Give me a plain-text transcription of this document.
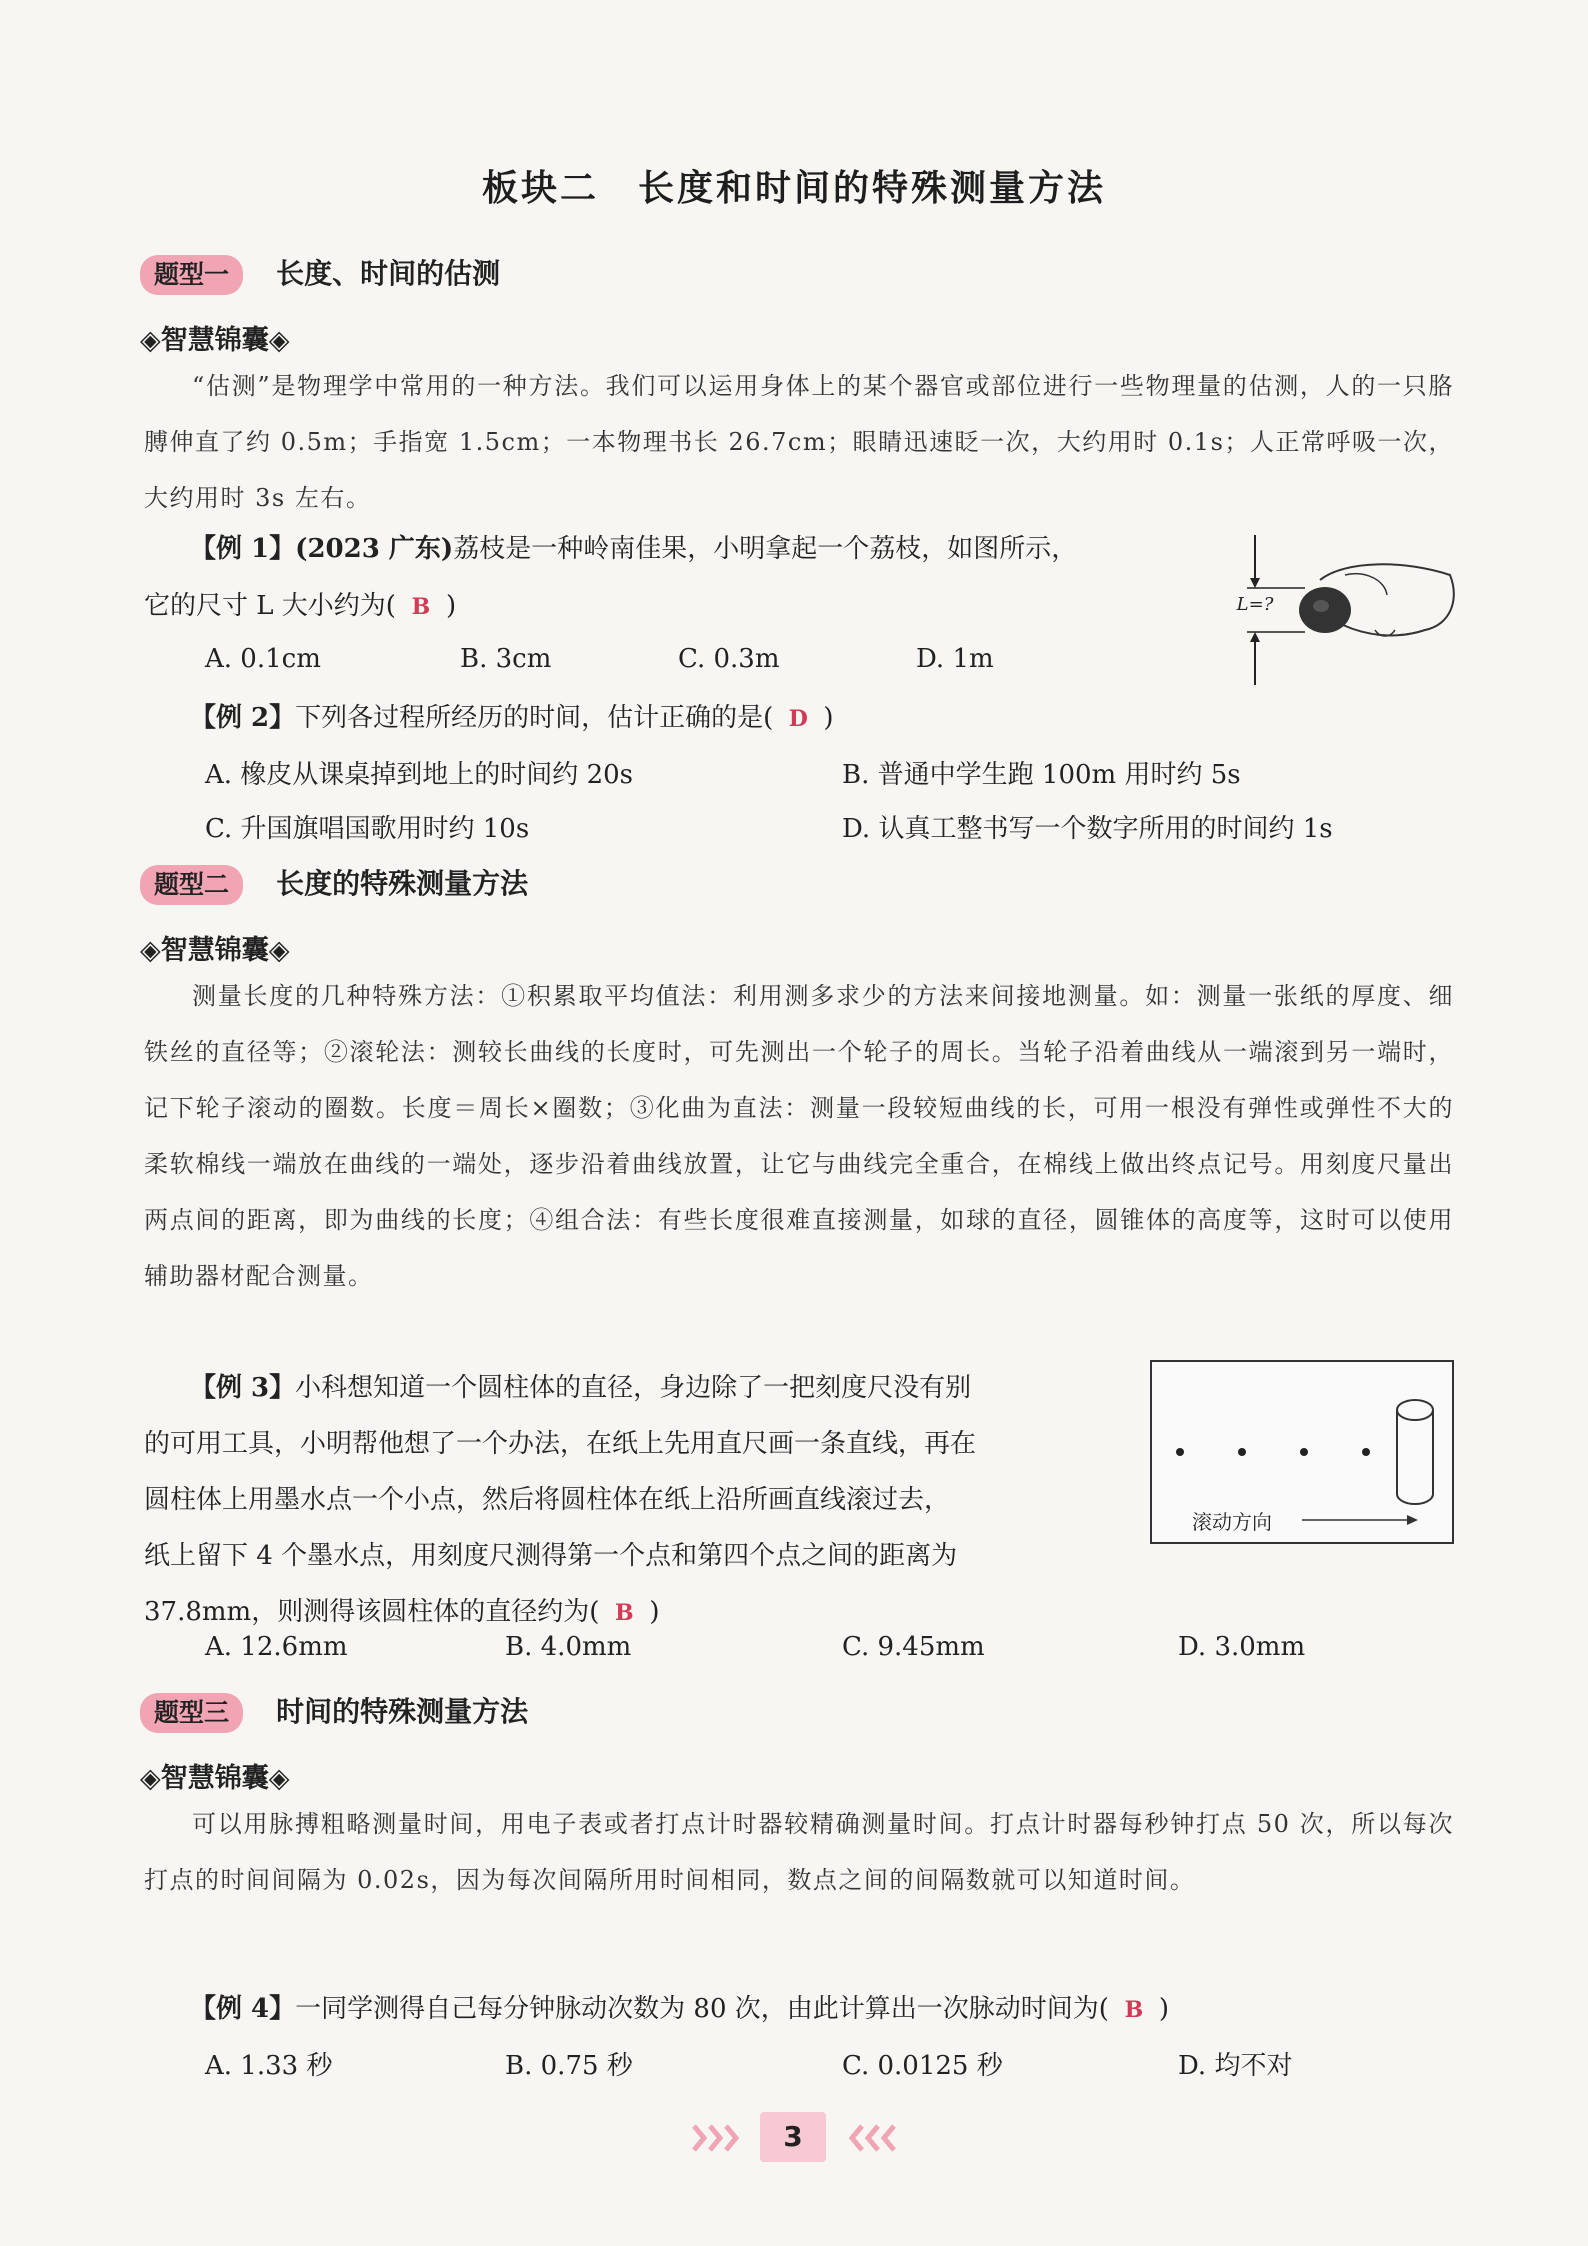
板块二　长度和时间的特殊测量方法
题型一 长度、时间的估测
◈智慧锦囊◈

“估测”是物理学中常用的一种方法。我们可以运用身体上的某个器官或部位进行一些物理量的估测，人的一只胳膊伸直了约 0.5m；手指宽 1.5cm；一本物理书长 26.7cm；眼睛迅速眨一次，大约用时 0.1s；人正常呼吸一次，大约用时 3s 左右。

【例 1】(2023 广东)荔枝是一种岭南佳果，小明拿起一个荔枝，如图所示，
它的尺寸 L 大小约为( B )
A. 0.1cm	B. 3cm	C. 0.3m	D. 1m
L=?
【例 2】下列各过程所经历的时间，估计正确的是( D )
A. 橡皮从课桌掉到地上的时间约 20s	B. 普通中学生跑 100m 用时约 5s
C. 升国旗唱国歌用时约 10s	D. 认真工整书写一个数字所用的时间约 1s
题型二 长度的特殊测量方法
◈智慧锦囊◈

测量长度的几种特殊方法：①积累取平均值法：利用测多求少的方法来间接地测量。如：测量一张纸的厚度、细铁丝的直径等；②滚轮法：测较长曲线的长度时，可先测出一个轮子的周长。当轮子沿着曲线从一端滚到另一端时，记下轮子滚动的圈数。长度＝周长×圈数；③化曲为直法：测量一段较短曲线的长，可用一根没有弹性或弹性不大的柔软棉线一端放在曲线的一端处，逐步沿着曲线放置，让它与曲线完全重合，在棉线上做出终点记号。用刻度尺量出两点间的距离，即为曲线的长度；④组合法：有些长度很难直接测量，如球的直径，圆锥体的高度等，这时可以使用辅助器材配合测量。

【例 3】小科想知道一个圆柱体的直径，身边除了一把刻度尺没有别
的可用工具，小明帮他想了一个办法，在纸上先用直尺画一条直线，再在
圆柱体上用墨水点一个小点，然后将圆柱体在纸上沿所画直线滚过去，
纸上留下 4 个墨水点，用刻度尺测得第一个点和第四个点之间的距离为
37.8mm，则测得该圆柱体的直径约为( B )
A. 12.6mm	B. 4.0mm	C. 9.45mm	D. 3.0mm
滚动方向
题型三 时间的特殊测量方法
◈智慧锦囊◈

可以用脉搏粗略测量时间，用电子表或者打点计时器较精确测量时间。打点计时器每秒钟打点 50 次，所以每次打点的时间间隔为 0.02s，因为每次间隔所用时间相同，数点之间的间隔数就可以知道时间。

【例 4】一同学测得自己每分钟脉动次数为 80 次，由此计算出一次脉动时间为( B )
A. 1.33 秒	B. 0.75 秒	C. 0.0125 秒	D. 均不对
3
